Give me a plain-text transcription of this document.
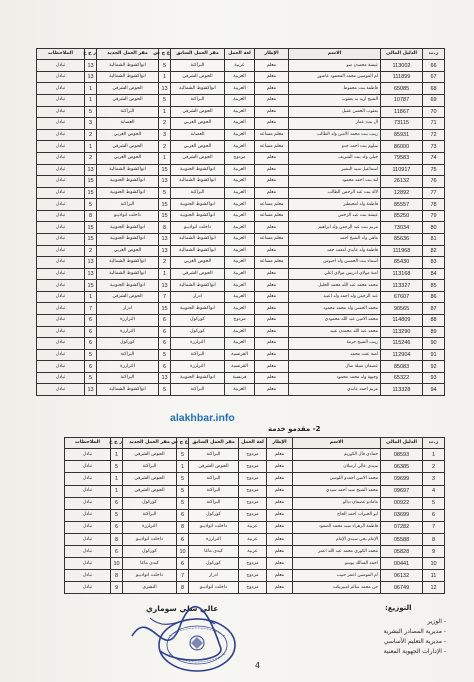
ر.ت	الدليل المالي	الاسم	الإطار	لغة العمل	مقر العمل السابق	ع ج س	مقر العمل الجديد	ر ج ع	الملاحظات
66	113002	عيشة محمدن صو	معلم	عربية	البراكنة	5	انواكشوط الشمالية	13	تبادل
67	111899	ام المومنين محمد المحمود عاشور	معلم	العربية	الحوض الشرقي	1	انواكشوط الشمالية	13	تبادل
68	65085	فاطمة بنت محفوظ	معلم	العربية	انواكشوط الشمالية	13	الحوض الشرقي	1	تبادل
69	10787	الشيخ ازيد به يعقوب	معلم	العربية	البراكنة	5	الحوض الشرقي	1	تبادل
70	11867	يعقوب الحسن عقيل	معلم	العربية	الحوض الشرقي	1	البراكنة	5	تبادل
71	73115	ال بنت عمار	معلم	العربية	الحوض الغربي	2	العصابة	3	تبادل
72	85931	زينب بنت محمد الامين ولد الطالب	معلم مساعد	العربية	العصابة	3	الحوض الغربي	2	تبادل
73	86000	سلوم بنت احمد جدو	معلم مساعد	العربية	الحوض الغربي	2	الحوض الشرقي	1	تبادل
74	79583	جيلي ولد بنت الشريف	معلم	مزدوج	الحوض الشرقي	1	الحوض الغربي	2	تبادل
75	110917	اسماعيل سيد البشير	معلم	العربية	انواكشوط الجنوبية	15	انواكشوط الشمالية	13	تبادل
76	26132	لنة بنت احمد محمود	معلم	العربية	انواكشوط الشمالية	13	انواكشوط الجنوبية	15	تبادل
77	12892	لالة بنت عبد الرحمن الطالب	معلم	العربية	البراكنة	5	انواكشوط الجنوبية	15	تبادل
78	85557	فاطمة ولد امحيطير	معلم مساعد	العربية	انواكشوط الجنوبية	15	البراكنة	5	تبادل
79	85250	عيشة بنت عبد الرحمن	معلم مساعد	العربية	انواكشوط الجنوبية	15	داخلت انواذيبو	8	تبادل
80	73034	مريم بنت عبد الرحمن ولد ابراهيم	معلم	العربية	داخلت انواذيبو	8	انواكشوط الجنوبية	15	تبادل
81	85636	ماهي ولد الشيخ احمد	معلم مساعد	العربية	انواكشوط الشمالية	13	انواكشوط الجنوبية	15	تبادل
82	111968	فاطمة ولد عابدي امغمد حمد	معلم	العربية	انواكشوط الشمالية	13	الحوض الغربي	2	تبادل
83	85430	اسماء بنت الحسين ولد احبوس	معلم مساعد	العربية	الحوض الغربي	2	انواكشوط الشمالية	13	تبادل
84	113168	امنة مولاي ادريس مولاي اعلي	معلم	العربية	الحوض الشرقي	1	انواكشوط الشمالية	13	تبادل
85	113327	محمد محمد عبد الله محمد الخليل	معلم	العربية	انواكشوط الشمالية	13	انواكشوط الجنوبية	15	تبادل
86	67607	عبد الرحمن ولد احمد ولد اعبيد	معلم	العربية	ادرار	7	الحوض الشرقي	1	تبادل
87	90565	محمد الحسن ولد محمد محمود	معلم	العربية	انواكشوط الجنوبية	15	ادرار	7	تبادل
88	114809	محمد الامين عبد الله محمودي	معلم	مزدوج	كوركول	6	الترارزة	6	تبادل
89	113290	محمد عبد الله محمدن عبيد	معلم	العربية	كوركول	6	الترارزة	6	تبادل
90	115246	زينب الشيخ حرمة	معلم	العربية	الترارزة	6	كوركول	6	تبادل
91	112904	امنة عثت محمد	معلم	الفرنسية	البراكنة	5	البراكنة	5	تبادل
92	85083	عصمان سيلة صال	معلم	الفرنسية	الترارزة	6	الترارزة	6	تبادل
93	65322	وجيهة ولد محمد محمود	معلم	فرنسية	انواكشوط الجنوبية	13	البراكنة	5	تبادل
94	113328	مريم احمد عابدي	معلم	العربية	البراكنة	5	انواكشوط الشمالية	13	تبادل
alakhbar.info
2- مقدمو خدمة
ر.ت	الدليل المالي	الاسم	الإطار	لغة العمل	مقر العمل السابق	ع ج س	مقر العمل الجديد	ر ج ع	الملاحظات
1	08593	حمادي فال الكوريم	معلم	مزدوج	البراكنة	5	الحوض الشرقي	1	تبادل
2	06385	سيدي عالي ارسلان	معلم	مزدوج	الحوض الشرقي	1	البراكنة	5	تبادل
3	09699	محمد الامين احمدو اللوسي	معلم	مزدوج	البراكنة	5	الحوض الشرقي	1	تبادل
4	09697	محمد الشيخ سيد احمد سيدي	معلم	مزدوج	البراكنة	5	الحوض الشرقي	1	تبادل
5	00922	مامادو عصمان ديالو	معلم	مزدوج	البراكنة	5	كوركول	6	تبادل
6	03699	ابو الخيرات احمد الحاج	معلم	مزدوج	كوركول	6	البراكنة	5	تبادل
7	07282	فاطمة الزهراء سيد محمد الصعود	معلم	عربية	داخلت انواذيبو	8	الترارزة	6	تبادل
8	05588	الإمام يحي سيدي الإمام	معلم	عربية	الترارزة	6	داخلت انواذيبو	8	تبادل
9	05828	محمد الكوري محمد عبد الله اعمر	معلم	عربية	كيدي ماغا	10	كوركول	6	تبادل
10	00441	احمد السالك يوسو	معلم	مزدوج	كوركول	6	كيدي ماغا	10	تبادل
11	06132	ام المومنين اعمر حبيب	معلم	مزدوج	ادرار	7	داخلت انواذيبو	8	تبادل
12	06749	حن محمد سالم امبيريكت	معلم	مزدوج	داخلت انواذيبو	8	التشري	9	تبادل
التوزيع:
- الوزير
- مديرية المصادر البشرية
- مديرية التعليم الأساسي
- الإدارات الجهوية المعنية
عالي سلي سوماري
4
